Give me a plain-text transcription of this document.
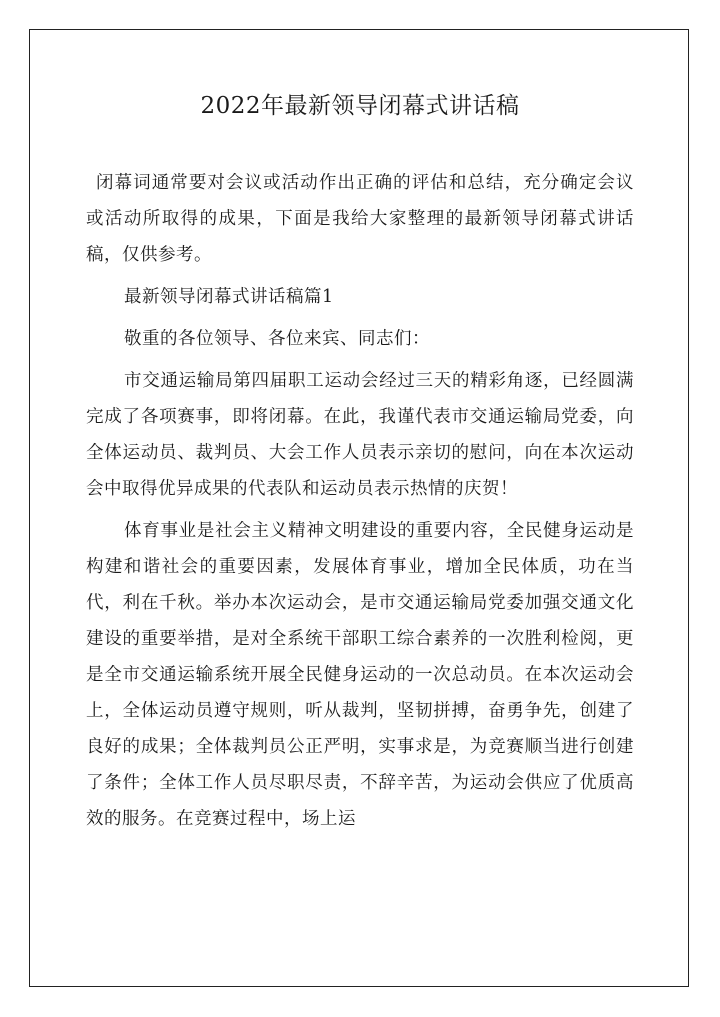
2022年最新领导闭幕式讲话稿

闭幕词通常要对会议或活动作出正确的评估和总结，充分确定会议或活动所取得的成果，下面是我给大家整理的最新领导闭幕式讲话稿，仅供参考。

最新领导闭幕式讲话稿篇1

敬重的各位领导、各位来宾、同志们：

市交通运输局第四届职工运动会经过三天的精彩角逐，已经圆满完成了各项赛事，即将闭幕。在此，我谨代表市交通运输局党委，向全体运动员、裁判员、大会工作人员表示亲切的慰问，向在本次运动会中取得优异成果的代表队和运动员表示热情的庆贺！

体育事业是社会主义精神文明建设的重要内容，全民健身运动是构建和谐社会的重要因素，发展体育事业，增加全民体质，功在当代，利在千秋。举办本次运动会，是市交通运输局党委加强交通文化建设的重要举措，是对全系统干部职工综合素养的一次胜利检阅，更是全市交通运输系统开展全民健身运动的一次总动员。在本次运动会上，全体运动员遵守规则，听从裁判，坚韧拼搏，奋勇争先，创建了良好的成果；全体裁判员公正严明，实事求是，为竞赛顺当进行创建了条件；全体工作人员尽职尽责，不辞辛苦，为运动会供应了优质高效的服务。在竞赛过程中，场上运
